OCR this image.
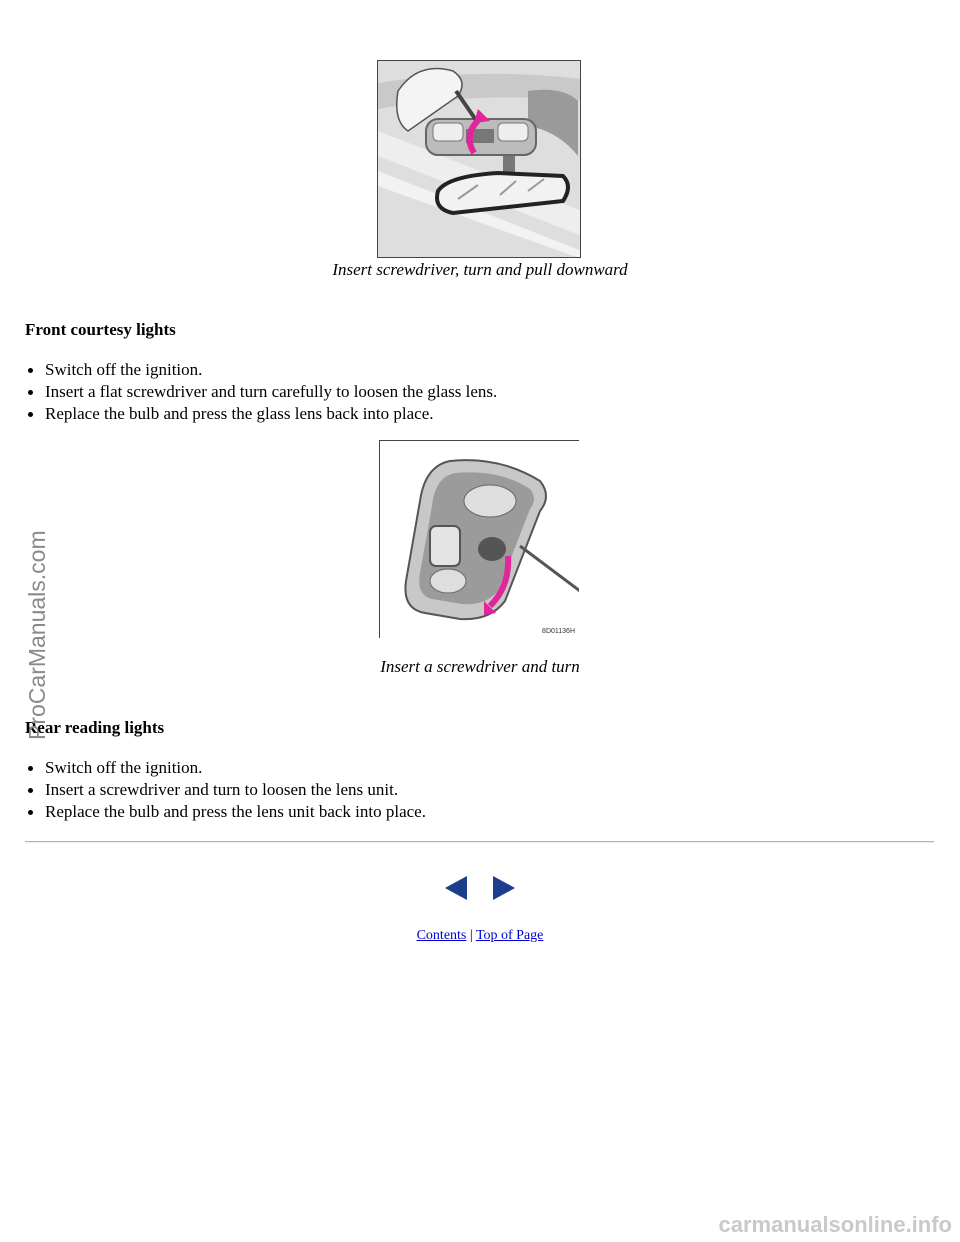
Insert screwdriver, turn and pull downward
Front courtesy lights
Switch off the ignition.
Insert a flat screwdriver and turn carefully to loosen the glass lens.
Replace the bulb and press the glass lens back into place.
8D01136H
Insert a screwdriver and turn
Rear reading lights
Switch off the ignition.
Insert a screwdriver and turn to loosen the lens unit.
Replace the bulb and press the lens unit back into place.
Contents | Top of Page
ProCarManuals.com
carmanualsonline.info
